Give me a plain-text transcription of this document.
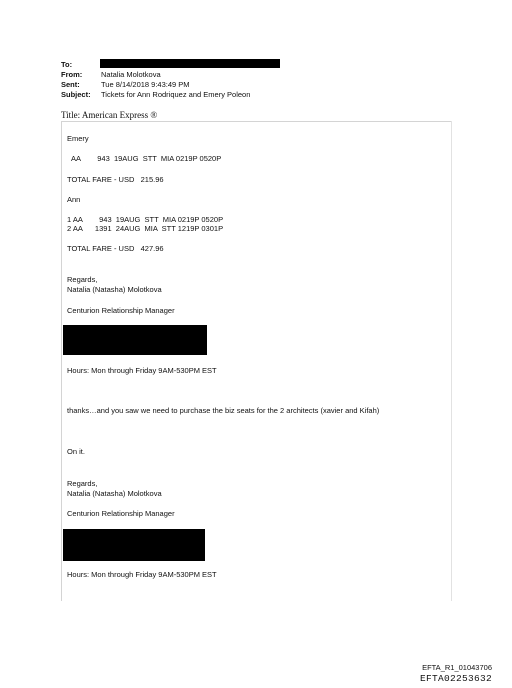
To:
From:	Natalia Molotkova
Sent:	Tue 8/14/2018 9:43:49 PM
Subject: Tickets for Ann Rodriquez and Emery Poleon
Title: American Express ®
Emery
AA        943  19AUG  STT  MIA 0219P 0520P
TOTAL FARE - USD   215.96
Ann
1 AA        943  19AUG  STT  MIA 0219P 0520P
2 AA      1391  24AUG  MIA  STT 1219P 0301P
TOTAL FARE - USD   427.96
Regards,
Natalia (Natasha) Molotkova
Centurion Relationship Manager
Hours: Mon through Friday 9AM-530PM EST
thanks…and you saw we need to purchase the biz seats for the 2 architects (xavier and Kifah)
On it.
Regards,
Natalia (Natasha) Molotkova
Centurion Relationship Manager
Hours: Mon through Friday 9AM-530PM EST
EFTA_R1_01043706
EFTA02253632
